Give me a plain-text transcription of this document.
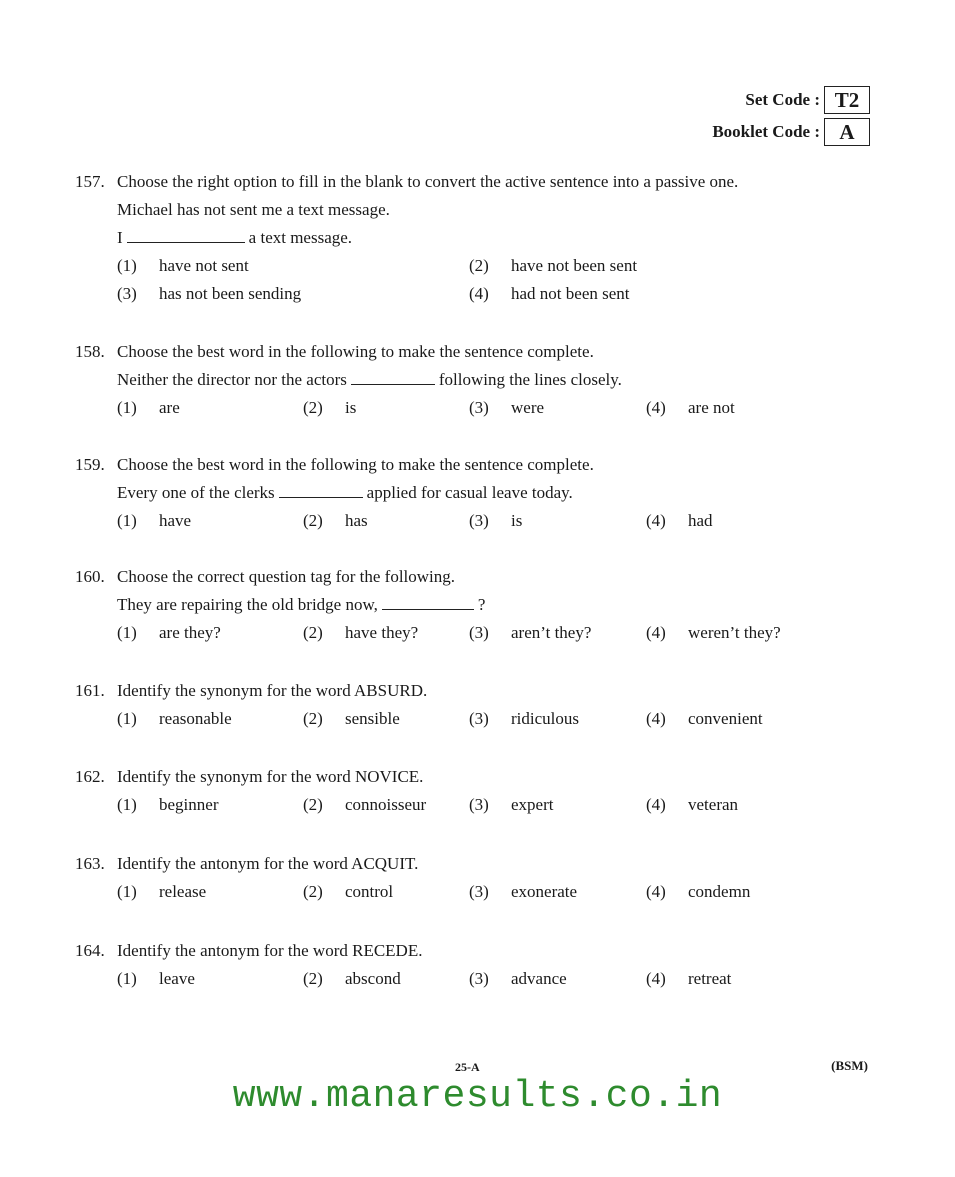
Set Code : T2
Booklet Code : A
157. Choose the right option to fill in the blank to convert the active sentence into a passive one.
Michael has not sent me a text message.
I	a text message.
(1) have not sent	(2) have not been sent
(3) has not been sending	(4) had not been sent
158. Choose the best word in the following to make the sentence complete.
Neither the director nor the actors	following the lines closely.
(1) are	(2) is	(3) were	(4) are not
159. Choose the best word in the following to make the sentence complete.
Every one of the clerks	applied for casual leave today.
(1) have	(2) has	(3) is	(4) had
160. Choose the correct question tag for the following.
They are repairing the old bridge now,	?
(1) are they?	(2) have they?	(3) aren’t they?	(4) weren’t they?
161. Identify the synonym for the word ABSURD.
(1) reasonable	(2) sensible	(3) ridiculous	(4) convenient
162. Identify the synonym for the word NOVICE.
(1) beginner	(2) connoisseur	(3) expert	(4) veteran
163. Identify the antonym for the word ACQUIT.
(1) release	(2) control	(3) exonerate	(4) condemn
164. Identify the antonym for the word RECEDE.
(1) leave	(2) abscond	(3) advance	(4) retreat
25-A	(BSM)
www.manaresults.co.in
